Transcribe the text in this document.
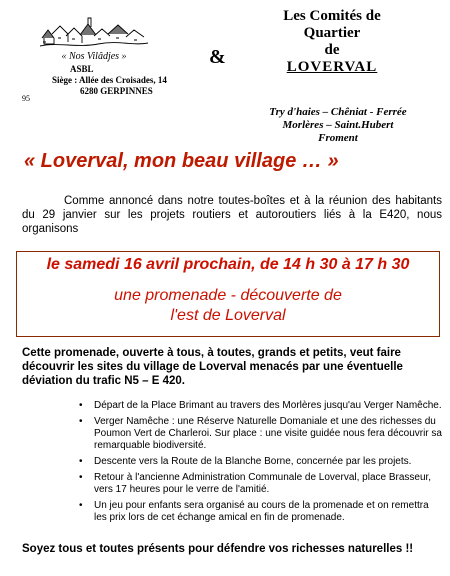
« Nos Vilâdjes »
ASBL
Siège : Allée des Croisades, 14
6280 GERPINNES
95
&
Les Comités de
Quartier
de
LOVERVAL
Try d'haies – Chêniat - Ferrée
Morlères – Saint.Hubert
Froment
« Loverval, mon beau village … »
Comme annoncé dans notre toutes-boîtes et à la réunion des habitants du 29 janvier sur les projets routiers et autoroutiers liés à la E420, nous organisons
le samedi 16 avril prochain, de 14 h 30 à 17 h 30
une promenade - découverte de
l'est de Loverval
Cette promenade, ouverte à tous, à toutes, grands et petits, veut faire découvrir les sites du village de Loverval menacés par une éventuelle déviation du trafic N5 – E 420.
• Départ de la Place Brimant au travers des Morlères jusqu'au Verger Namêche.
• Verger Namêche : une Réserve Naturelle Domaniale et une des richesses du Poumon Vert de Charleroi. Sur place : une visite guidée nous fera découvrir sa remarquable biodiversité.
• Descente vers la Route de la Blanche Borne, concernée par les projets.
• Retour à l'ancienne Administration Communale de Loverval, place Brasseur, vers 17 heures pour le verre de l'amitié.
• Un jeu pour enfants sera organisé au cours de la promenade et on remettra les prix lors de cet échange amical en fin de promenade.
Soyez tous et toutes présents pour défendre vos richesses naturelles !!
